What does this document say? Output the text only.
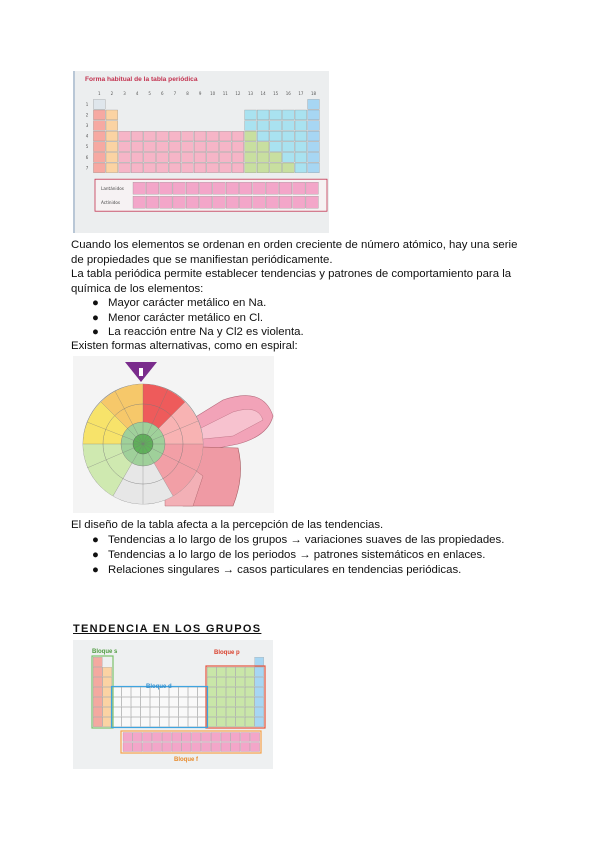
1	2	3	4	5	6	7	8	9 10 11 12 13 14 15 16 17 18
1
2
3
4
5
6
7
Lantánidos
Actínidos
Forma habitual de la tabla periódica
Cuando los elementos se ordenan en orden creciente de número atómico, hay una serie de propiedades que se manifiestan periódicamente.
La tabla periódica permite establecer tendencias y patrones de comportamiento para la química de los elementos:
● Mayor carácter metálico en Na.
● Menor carácter metálico en Cl.
● La reacción entre Na y Cl2 es violenta.
Existen formas alternativas, como en espiral:
El diseño de la tabla afecta a la percepción de las tendencias.
● Tendencias a lo largo de los grupos → variaciones suaves de las propiedades.
● Tendencias a lo largo de los periodos → patrones sistemáticos en enlaces.
● Relaciones singulares → casos particulares en tendencias periódicas.
TENDENCIA EN LOS GRUPOS
Bloque s	Bloque p
Bloque d
Bloque f
